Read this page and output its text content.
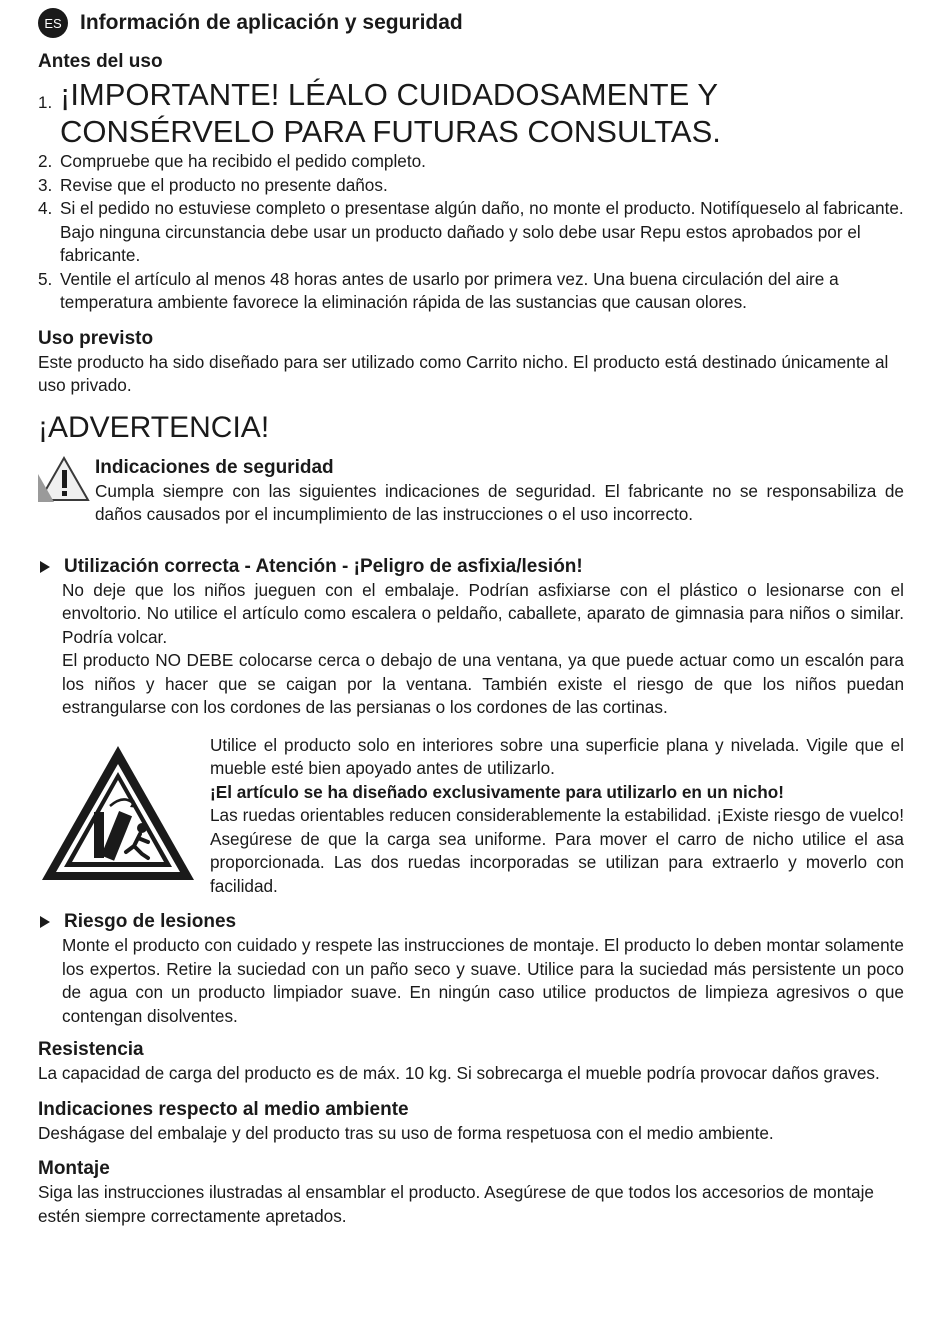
ES Información de aplicación y seguridad
Antes del uso
1. ¡IMPORTANTE! LÉALO CUIDADOSAMENTE Y CONSÉRVELO PARA FUTURAS CONSULTAS.
2. Compruebe que ha recibido el pedido completo.
3. Revise que el producto no presente daños.
4. Si el pedido no estuviese completo o presentase algún daño, no monte el producto. Notifíqueselo al fabricante. Bajo ninguna circunstancia debe usar un producto dañado y solo debe usar Repu estos aprobados por el fabricante.
5. Ventile el artículo al menos 48 horas antes de usarlo por primera vez. Una buena circulación del aire a temperatura ambiente favorece la eliminación rápida de las sustancias que causan olores.
Uso previsto

Este producto ha sido diseñado para ser utilizado como Carrito nicho. El producto está destinado únicamente al uso privado.

¡ADVERTENCIA!
Indicaciones de seguridad

Cumpla siempre con las siguientes indicaciones de seguridad. El fabricante no se responsabiliza de daños causados por el incumplimiento de las instrucciones o el uso incorrecto.

Utilización correcta - Atención - ¡Peligro de asfixia/lesión!

No deje que los niños jueguen con el embalaje. Podrían asfixiarse con el plástico o lesionarse con el envoltorio. No utilice el artículo como escalera o peldaño, caballete, aparato de gimnasia para niños o similar. Podría volcar.

El producto NO DEBE colocarse cerca o debajo de una ventana, ya que puede actuar como un escalón para los niños y hacer que se caigan por la ventana. También existe el riesgo de que los niños puedan estrangularse con los cordones de las persianas o los cordones de las cortinas.

Utilice el producto solo en interiores sobre una superficie plana y nivelada. Vigile que el mueble esté bien apoyado antes de utilizarlo.

¡El artículo se ha diseñado exclusivamente para utilizarlo en un nicho!

Las ruedas orientables reducen considerablemente la estabilidad. ¡Existe riesgo de vuelco! Asegúrese de que la carga sea uniforme. Para mover el carro de nicho utilice el asa proporcionada. Las dos ruedas incorporadas se utilizan para extraerlo y moverlo con facilidad.

Riesgo de lesiones

Monte el producto con cuidado y respete las instrucciones de montaje. El producto lo deben montar solamente los expertos. Retire la suciedad con un paño seco y suave. Utilice para la suciedad más persistente un poco de agua con un producto limpiador suave. En ningún caso utilice productos de limpieza agresivos o que contengan disolventes.

Resistencia

La capacidad de carga del producto es de máx. 10 kg. Si sobrecarga el mueble podría provocar daños graves.

Indicaciones respecto al medio ambiente

Deshágase del embalaje y del producto tras su uso de forma respetuosa con el medio ambiente.

Montaje

Siga las instrucciones ilustradas al ensamblar el producto. Asegúrese de que todos los accesorios de montaje estén siempre correctamente apretados.
